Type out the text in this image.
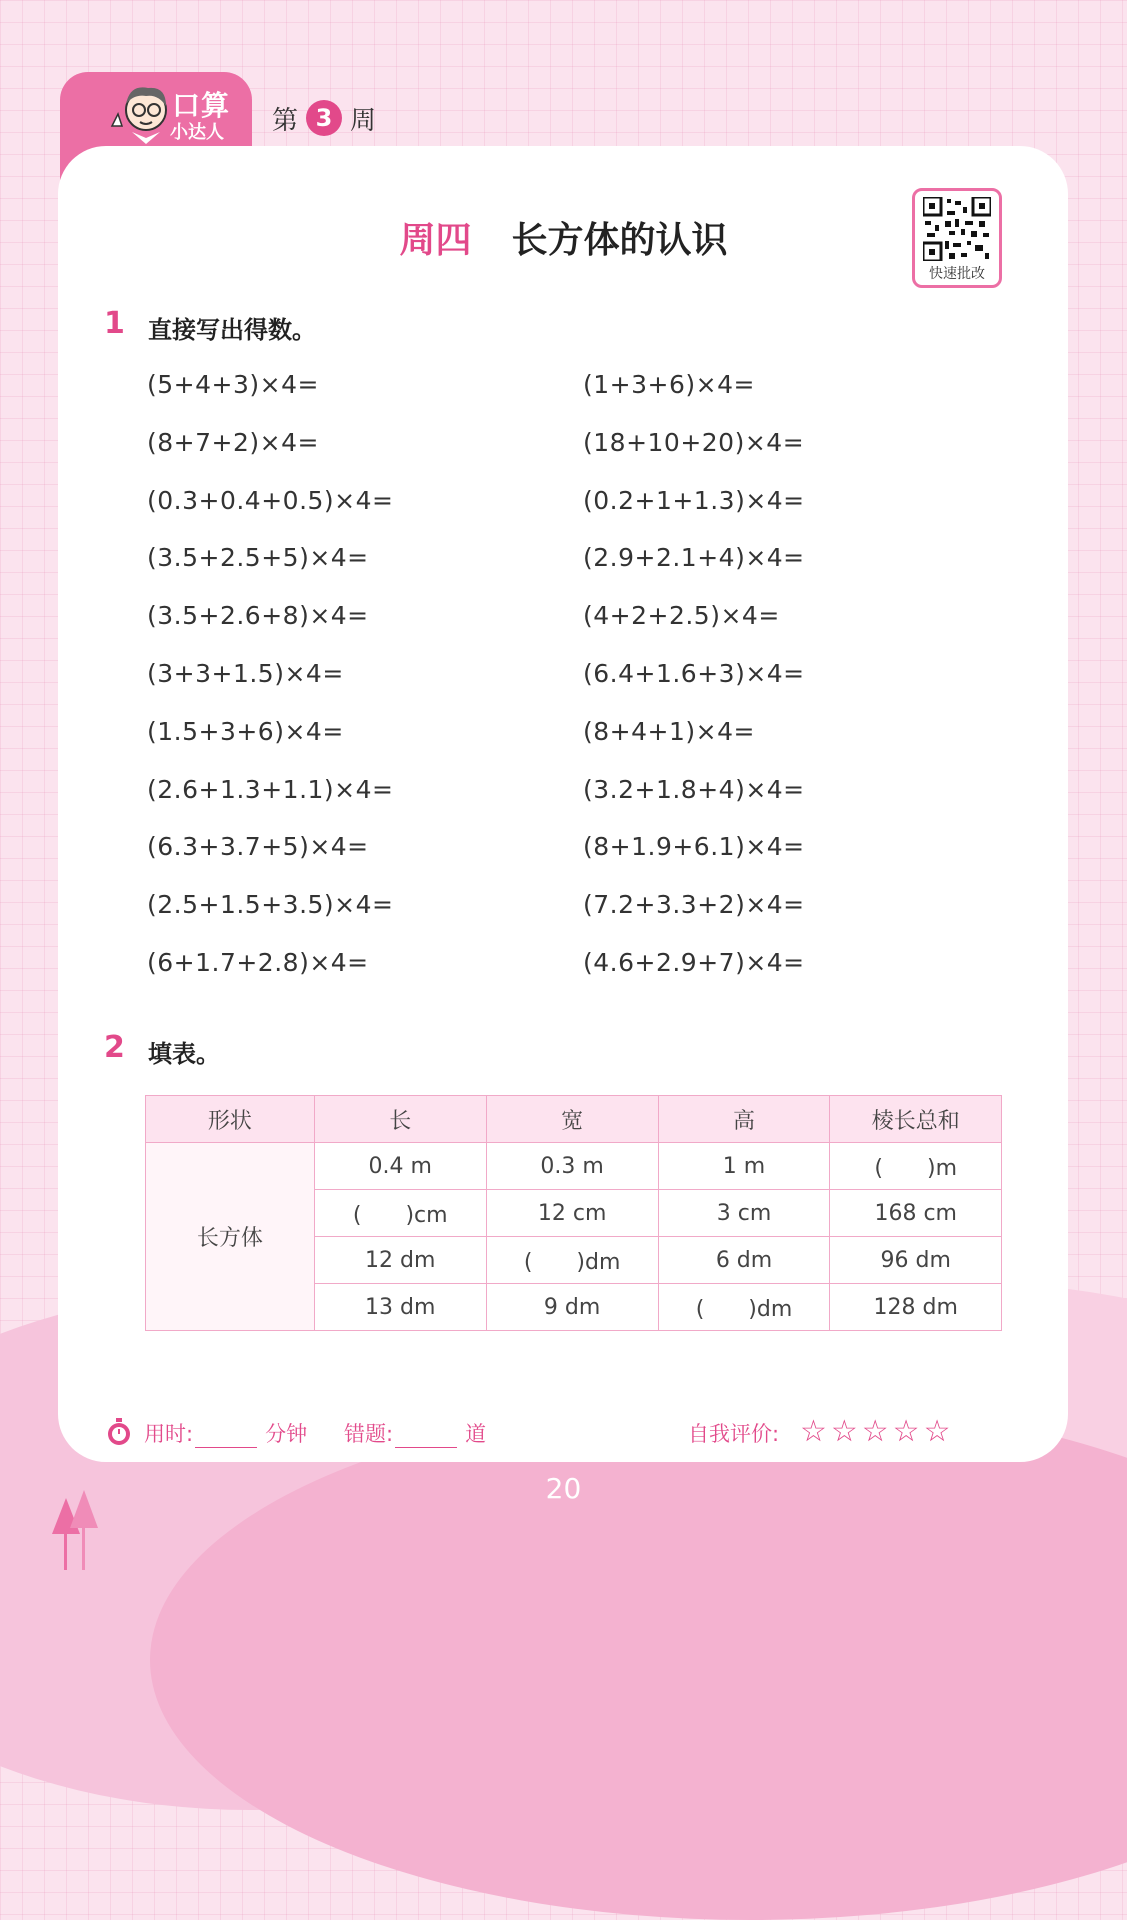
口算
小达人 第 3 周
周四 长方体的认识
快速批改
1 直接写出得数。
(5+4+3)×4=	(1+3+6)×4=
(8+7+2)×4=	(18+10+20)×4=
(0.3+0.4+0.5)×4=	(0.2+1+1.3)×4=
(3.5+2.5+5)×4=	(2.9+2.1+4)×4=
(3.5+2.6+8)×4=	(4+2+2.5)×4=
(3+3+1.5)×4=	(6.4+1.6+3)×4=
(1.5+3+6)×4=	(8+4+1)×4=
(2.6+1.3+1.1)×4=	(3.2+1.8+4)×4=
(6.3+3.7+5)×4=	(8+1.9+6.1)×4=
(2.5+1.5+3.5)×4=	(7.2+3.3+2)×4=
(6+1.7+2.8)×4=	(4.6+2.9+7)×4=
2 填表。
形状	长	宽	高	棱长总和
长方体	0.4 m	0.3 m	1 m	(　　)m
	(　　)cm	12 cm	3 cm	168 cm
	12 dm	(　　)dm	6 dm	96 dm
	13 dm	9 dm	(　　)dm	128 dm
用时:	分钟 错题:	道	自我评价: ☆☆☆☆☆
20
